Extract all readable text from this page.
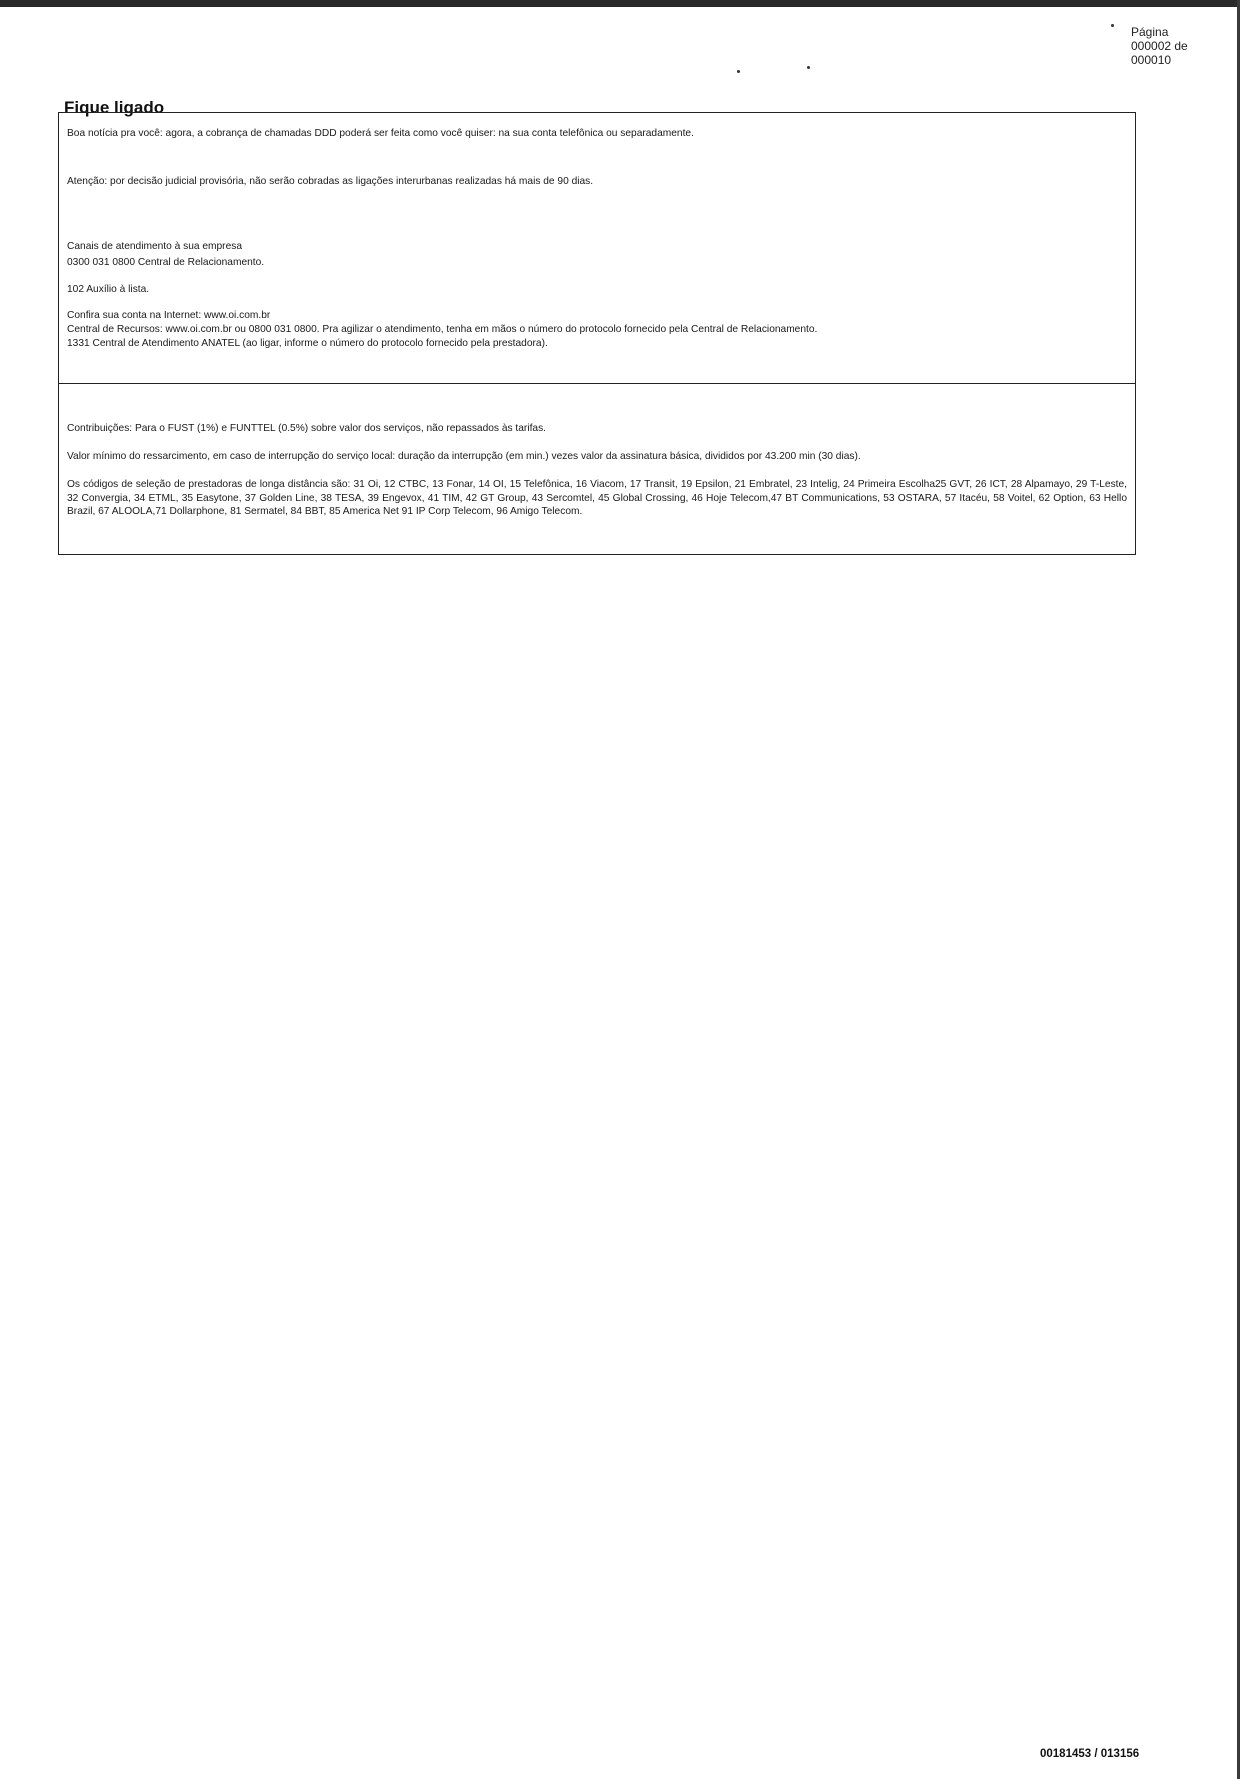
Página
000002 de
000010
Fique ligado
Boa notícia pra você: agora, a cobrança de chamadas DDD poderá ser feita como você quiser: na sua conta telefônica ou separadamente.
Atenção: por decisão judicial provisória, não serão cobradas as ligações interurbanas realizadas há mais de 90 dias.
Canais de atendimento à sua empresa
0300 031 0800 Central de Relacionamento.
102 Auxílio à lista.
Confira sua conta na Internet: www.oi.com.br
Central de Recursos: www.oi.com.br ou 0800 031 0800. Pra agilizar o atendimento, tenha em mãos o número do protocolo fornecido pela Central de Relacionamento.
1331 Central de Atendimento ANATEL (ao ligar, informe o número do protocolo fornecido pela prestadora).
Contribuições: Para o FUST (1%) e FUNTTEL (0.5%) sobre valor dos serviços, não repassados às tarifas.
Valor mínimo do ressarcimento, em caso de interrupção do serviço local: duração da interrupção (em min.) vezes valor da assinatura básica, divididos por 43.200 min (30 dias).
Os códigos de seleção de prestadoras de longa distância são: 31 Oi, 12 CTBC, 13 Fonar, 14 OI, 15 Telefônica, 16 Viacom, 17 Transit, 19 Epsilon, 21 Embratel, 23 Intelig, 24 Primeira Escolha25 GVT, 26 ICT, 28 Alpamayo, 29 T-Leste, 32 Convergia, 34 ETML, 35 Easytone, 37 Golden Line, 38 TESA, 39 Engevox, 41 TIM, 42 GT Group, 43 Sercomtel, 45 Global Crossing, 46 Hoje Telecom,47 BT Communications, 53 OSTARA, 57 Itacéu, 58 Voitel, 62 Option, 63 Hello Brazil, 67 ALOOLA,71 Dollarphone, 81 Sermatel, 84 BBT, 85 America Net 91 IP Corp Telecom, 96 Amigo Telecom.
00181453 / 013156
